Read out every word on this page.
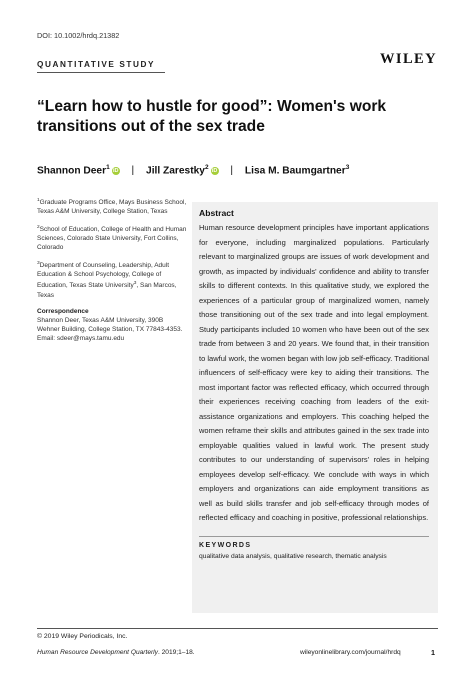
DOI: 10.1002/hrdq.21382
QUANTITATIVE STUDY	WILEY
“Learn how to hustle for good”: Women's work transitions out of the sex trade
Shannon Deer$^1$iD | Jill Zarestky$^2$iD | Lisa M. Baumgartner$^3$
$^1$Graduate Programs Office, Mays Business School, Texas A&M University, College Station, Texas
$^2$School of Education, College of Health and Human Sciences, Colorado State University, Fort Collins, Colorado
$^3$Department of Counseling, Leadership, Adult Education & School Psychology, College of Education, Texas State University$^3$, San Marcos, Texas
Correspondence
Shannon Deer, Texas A&M University, 390B Wehner Building, College Station, TX 77843-4353.
Email: sdeer@mays.tamu.edu
Abstract

Human resource development principles have important applications for everyone, including marginalized populations. Particularly relevant to marginalized groups are issues of work development and growth, as impacted by individuals' confidence and ability to transfer skills to different contexts. In this qualitative study, we explored the experiences of a particular group of marginalized women, namely those transitioning out of the sex trade and into legal employment. Study participants included 10 women who have been out of the sex trade from between 3 and 20 years. We found that, in their transition to lawful work, the women began with low job self-efficacy. Traditional influencers of self-efficacy were key to aiding their transitions. The most important factor was reflected efficacy, which occurred through their experiences receiving coaching from leaders of the exit-assistance organizations and employers. This coaching helped the women reframe their skills and attributes gained in the sex trade into employable qualities valued in lawful work. The present study contributes to our understanding of supervisors' roles in helping employees develop self-efficacy. We conclude with ways in which employers and organizations can aide employment transitions as well as build skills transfer and job self-efficacy through modes of reflected efficacy and coaching in positive, professional relationships.

KEYWORDS
qualitative data analysis, qualitative research, thematic analysis
© 2019 Wiley Periodicals, Inc.
Human Resource Development Quarterly. 2019;1–18.	wileyonlinelibrary.com/journal/hrdq	1
